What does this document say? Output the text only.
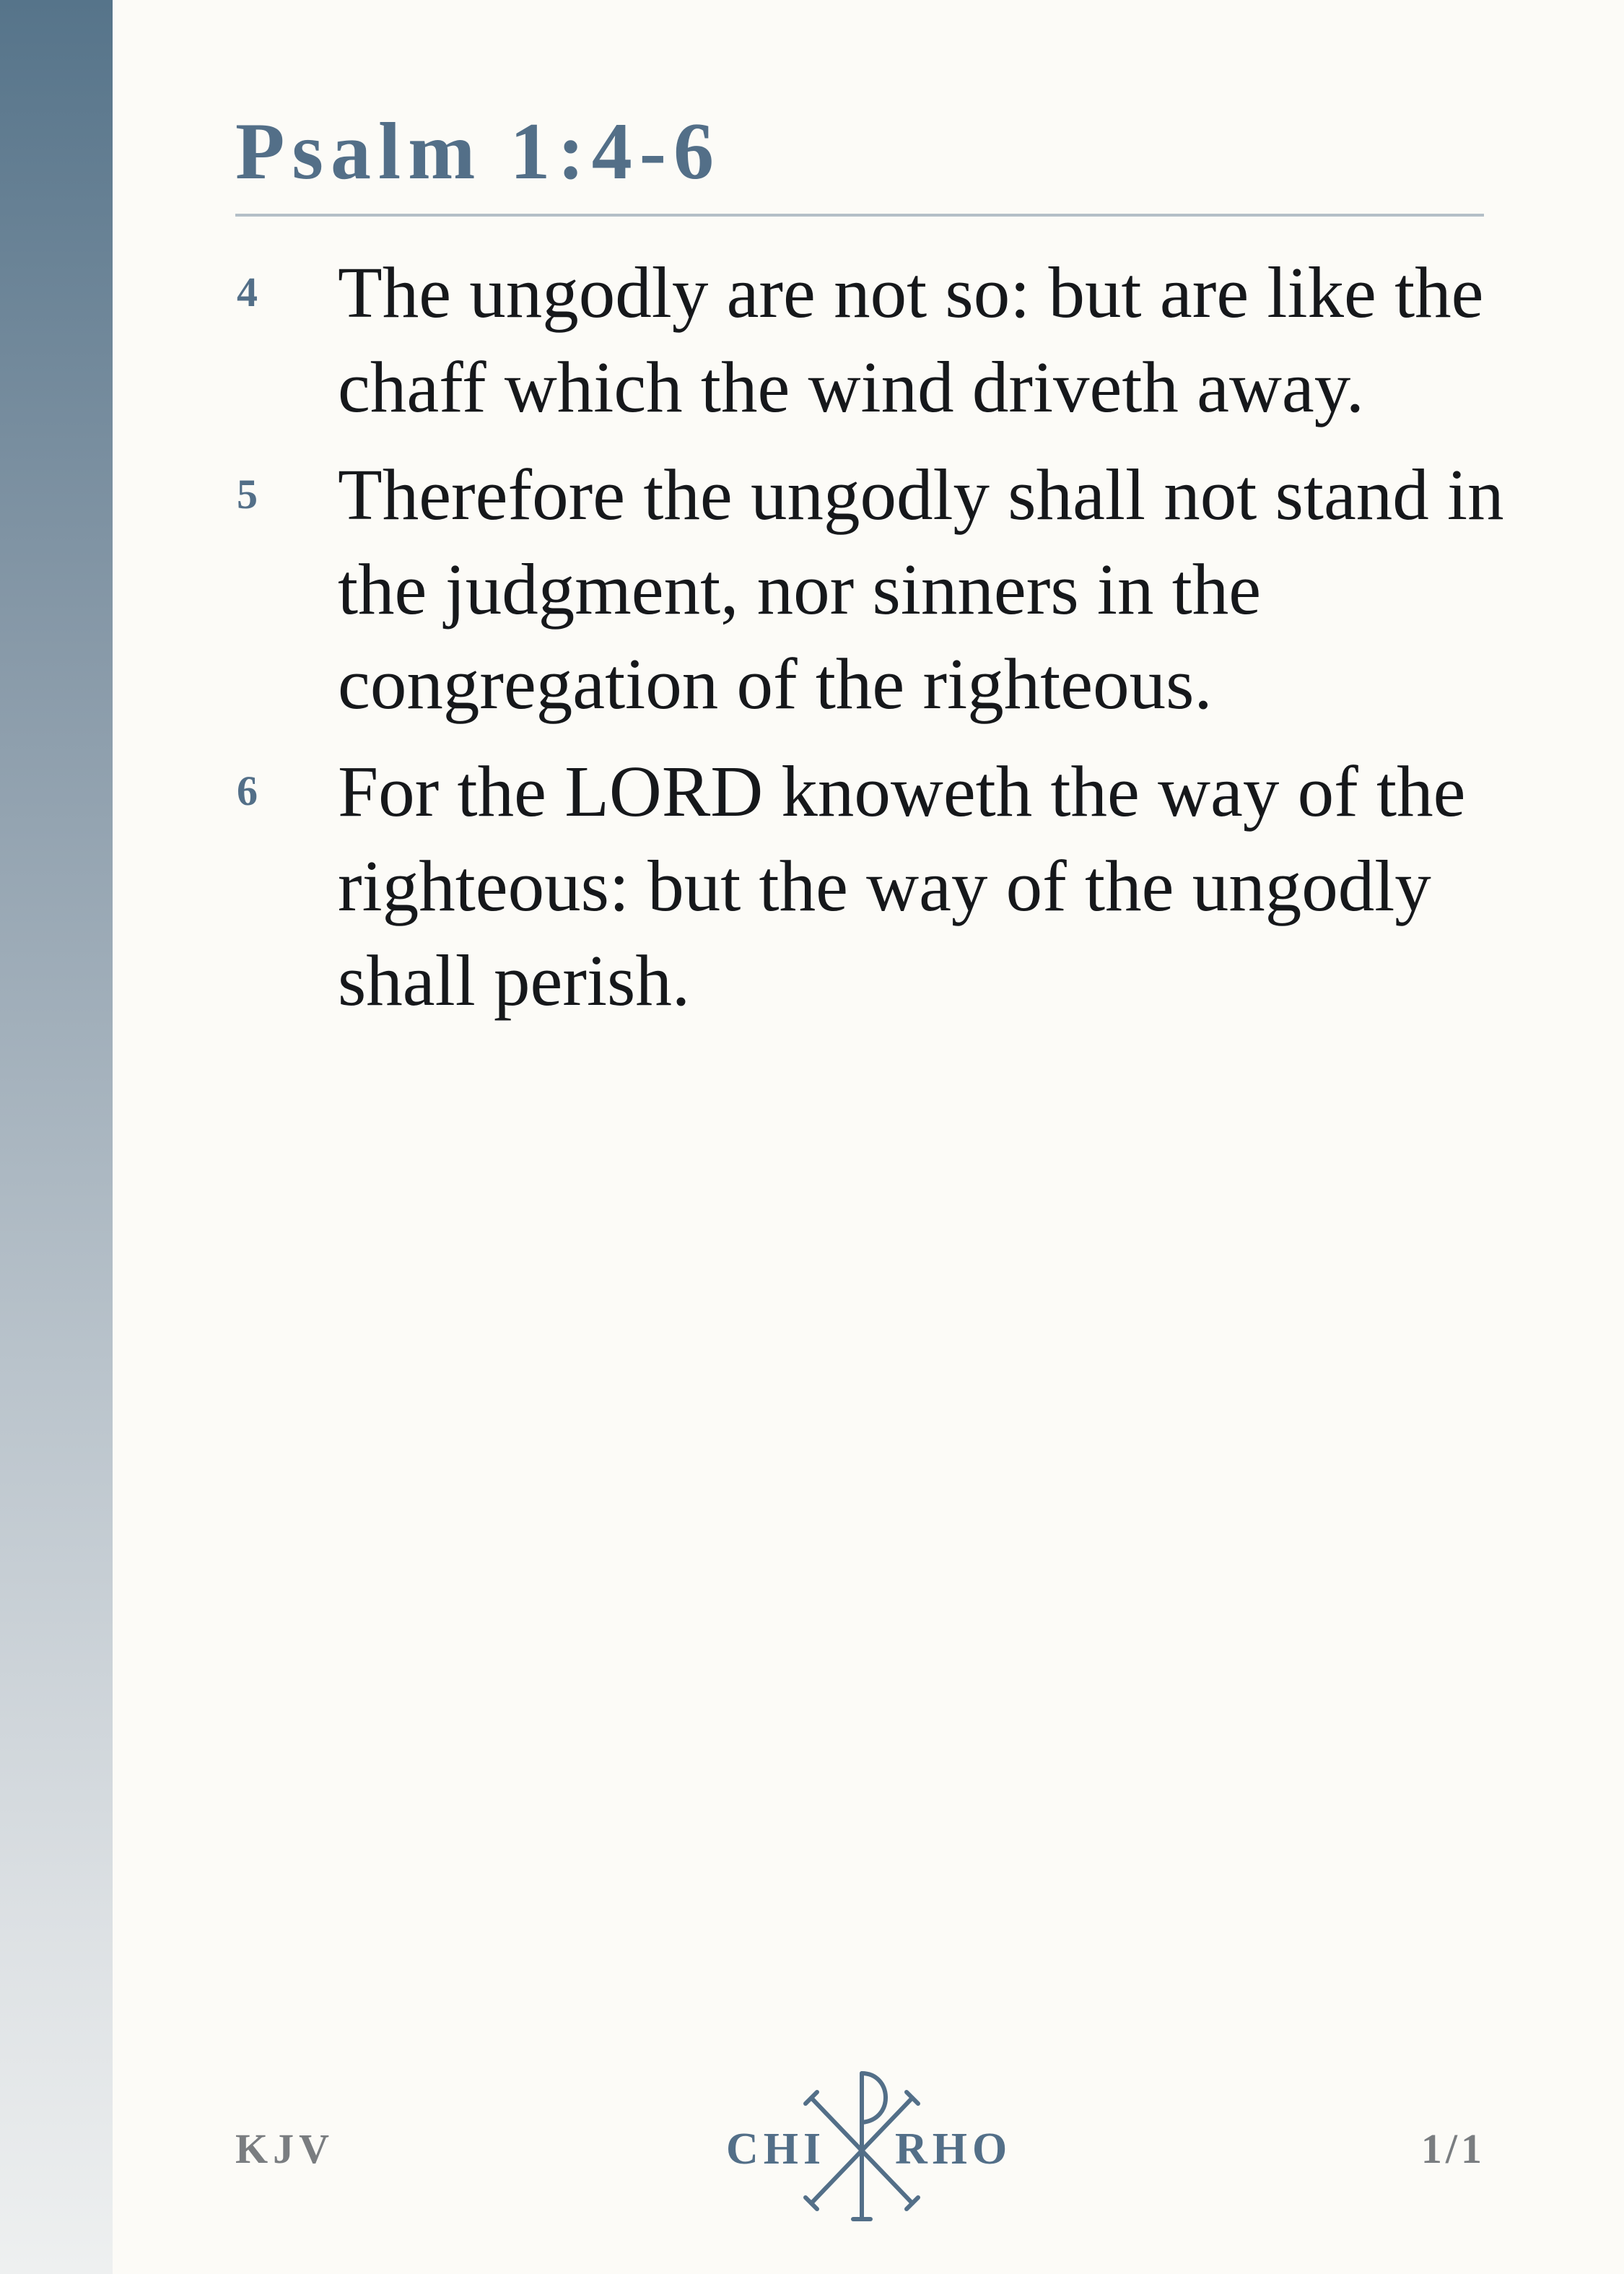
Psalm 1:4-6
4 The ungodly are not so: but are like the chaff which the wind driveth away.
5 Therefore the ungodly shall not stand in the judgment, nor sinners in the congregation of the righteous.
6 For the LORD knoweth the way of the righteous: but the way of the ungodly shall perish.
KJV	CHI RHO	1/1
